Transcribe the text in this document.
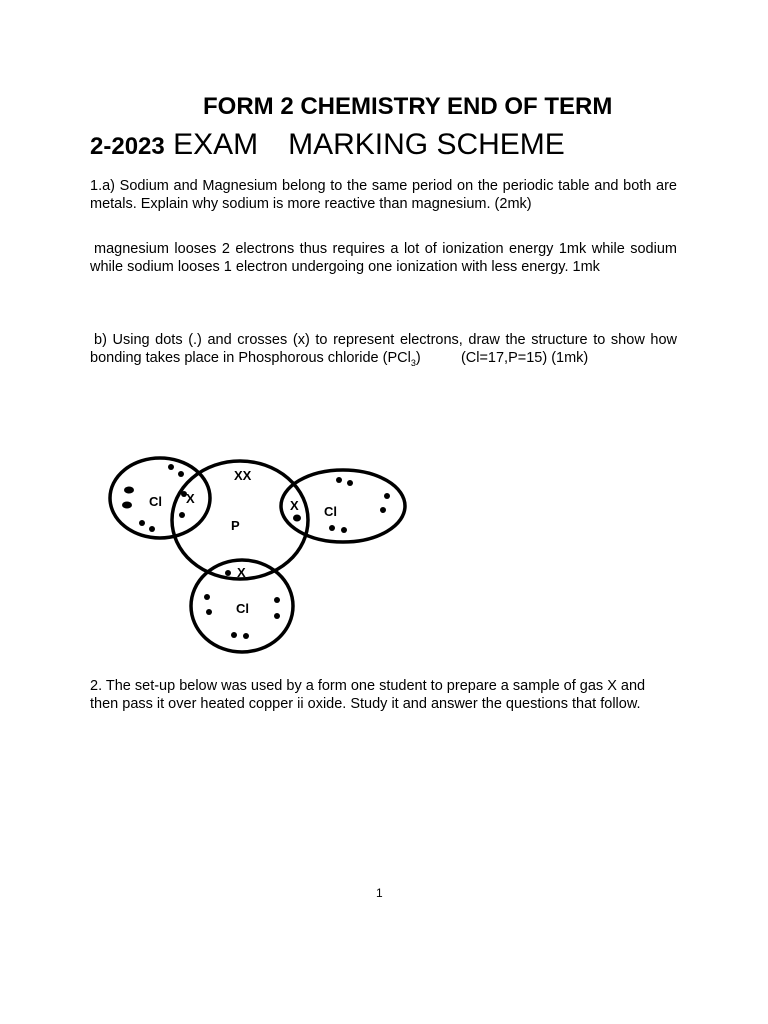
FORM 2 CHEMISTRY END OF TERM
2-2023 EXAM MARKING SCHEME

1.a) Sodium and Magnesium belong to the same period on the periodic table and both are metals. Explain why sodium is more reactive than magnesium. (2mk)

magnesium looses 2 electrons thus requires a lot of ionization energy 1mk while sodium while sodium looses 1 electron undergoing one ionization with less energy. 1mk

b) Using dots (.) and crosses (x) to represent electrons, draw the structure to show how bonding takes place in Phosphorous chloride (PCl$_3$)          (Cl=17,P=15) (1mk)

Cl X
XX
P
X Cl
X
Cl

2. The set-up below was used by a form one student to prepare a sample of gas X and then pass it over heated copper ii oxide. Study it and answer the questions that follow.

1
